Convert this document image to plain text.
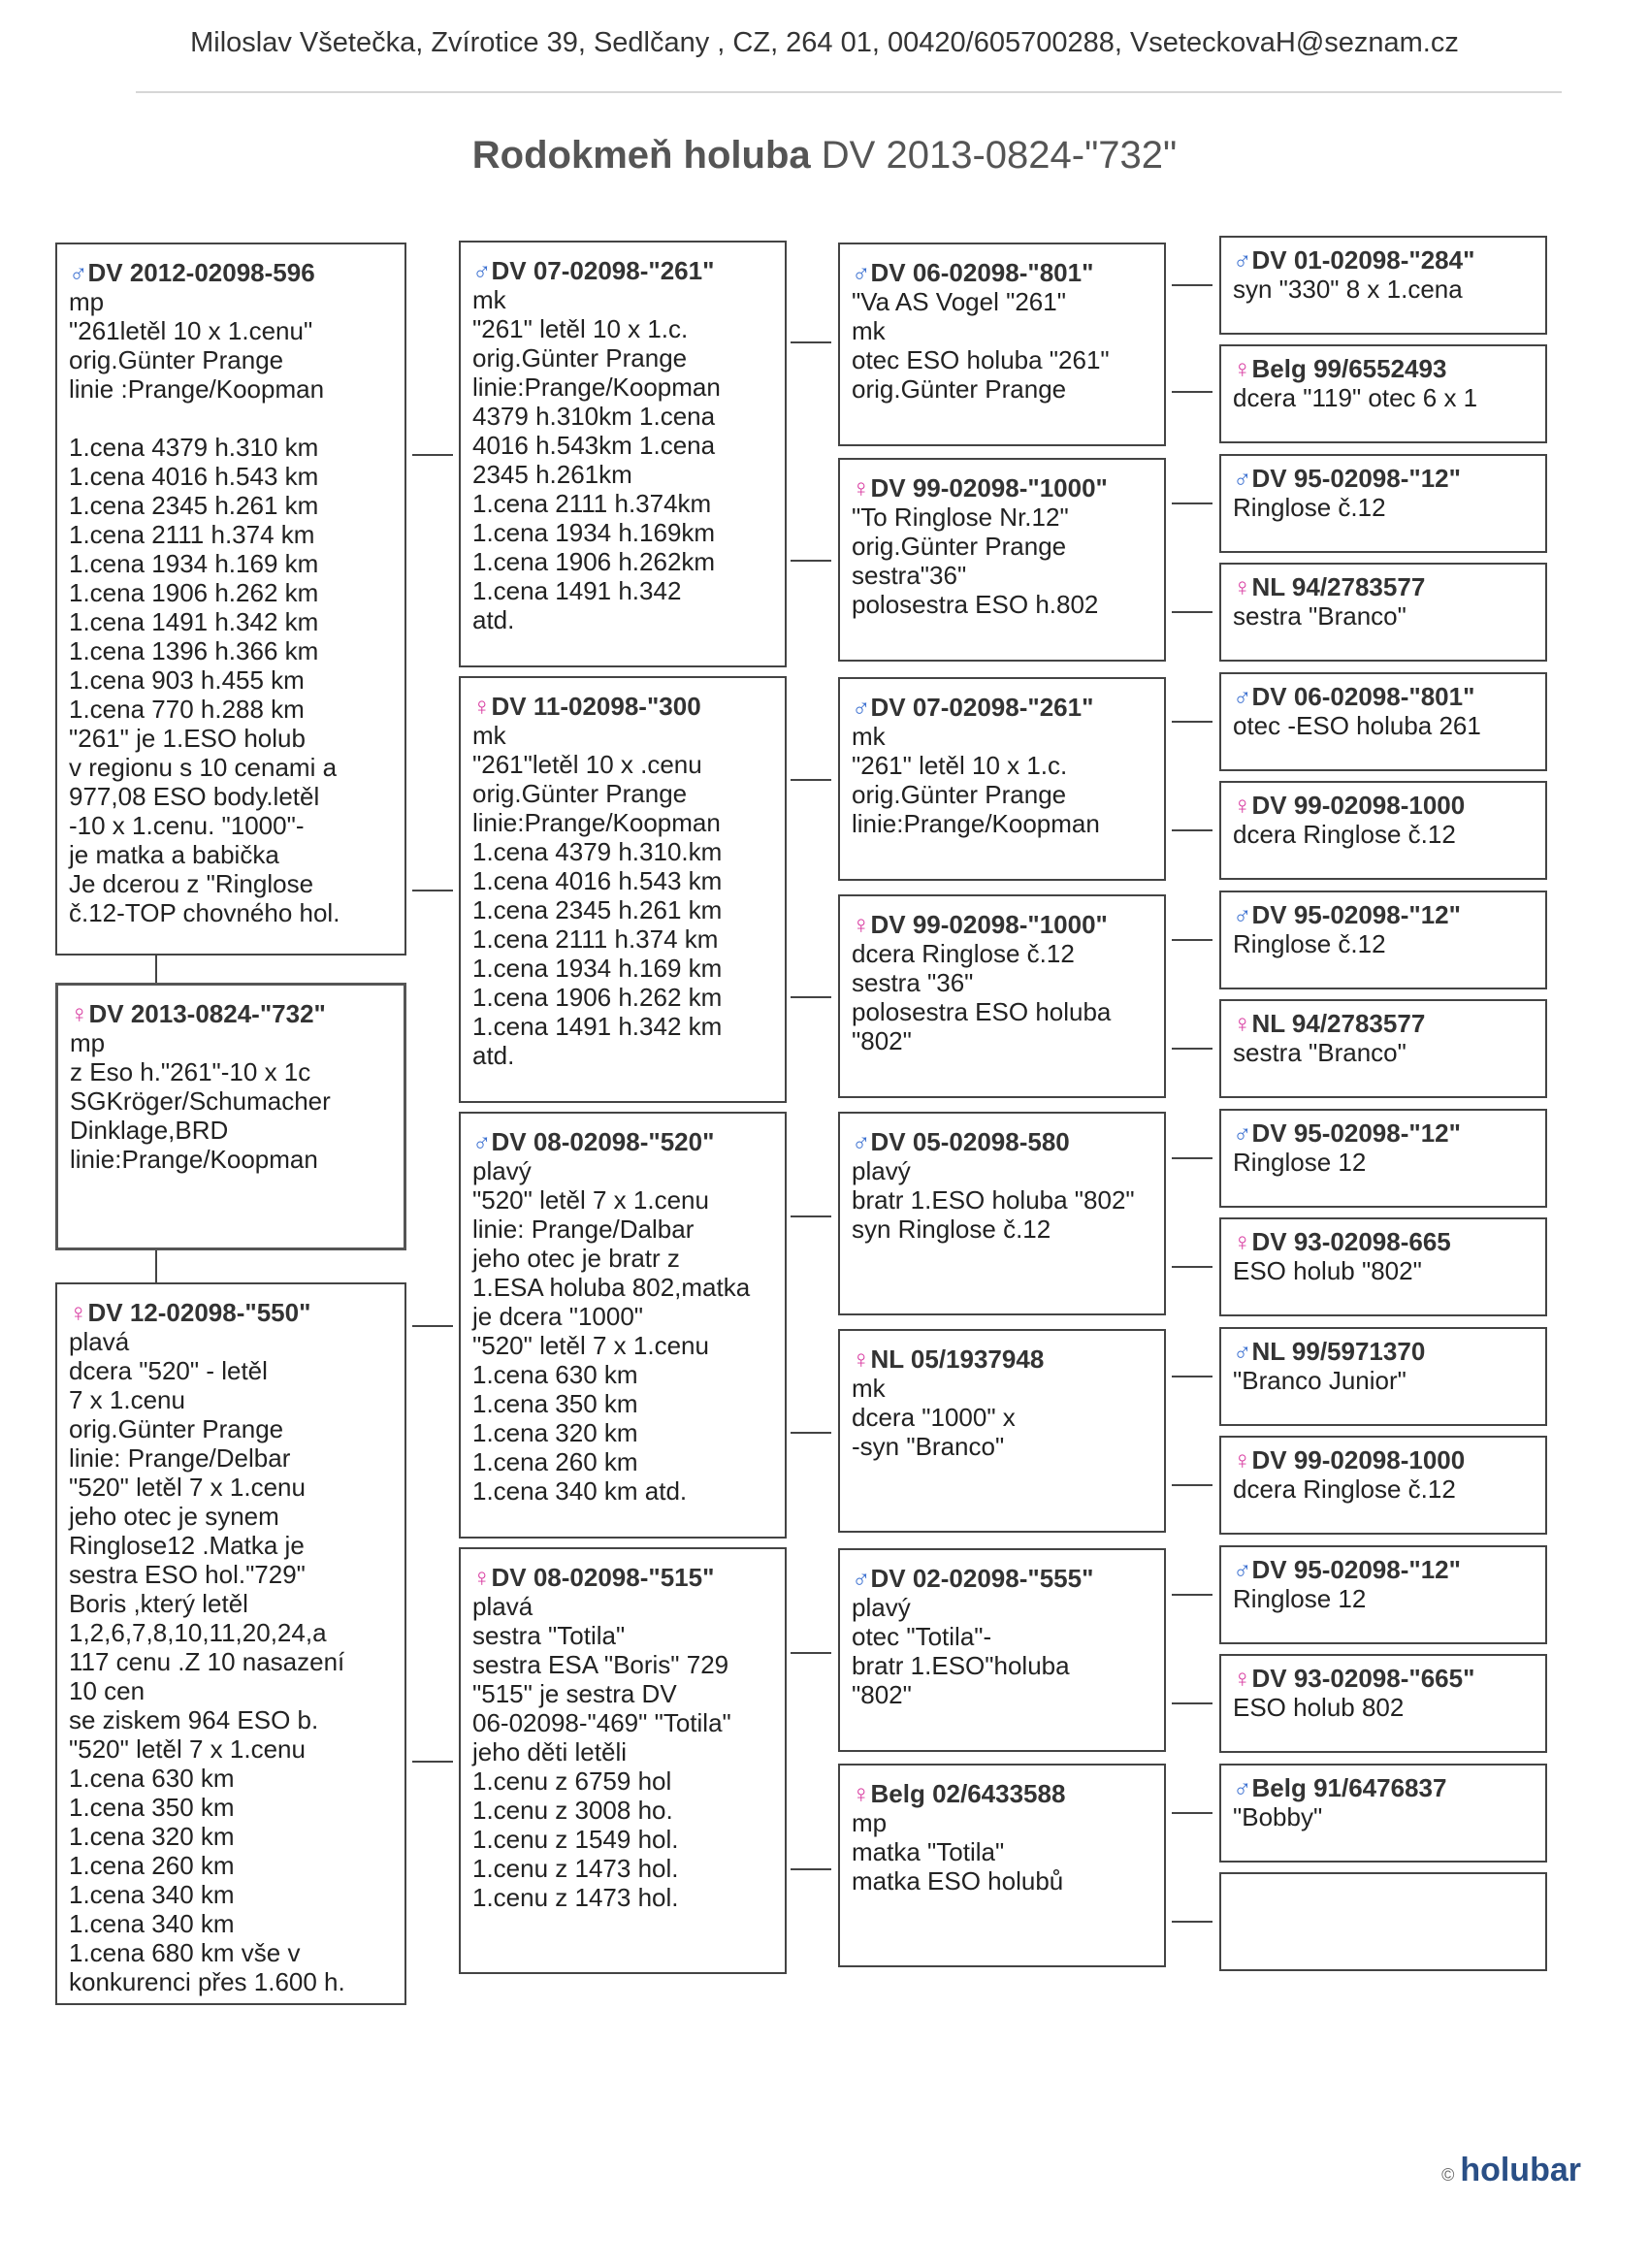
Miloslav Všetečka, Zvírotice 39, Sedlčany , CZ, 264 01, 00420/605700288, VseteckovaH@seznam.cz
Rodokmeň holuba DV 2013-0824-"732"
♂DV 2012-02098-596
mp
"261letěl 10 x 1.cenu"
orig.Günter Prange
linie :Prange/Koopman

1.cena 4379 h.310 km
1.cena 4016 h.543 km
1.cena 2345 h.261 km
1.cena 2111 h.374 km
1.cena 1934 h.169 km
1.cena 1906 h.262 km
1.cena 1491 h.342 km
1.cena 1396 h.366 km
1.cena 903 h.455 km
1.cena 770 h.288 km
"261" je 1.ESO holub
v regionu s 10 cenami a
977,08 ESO body.letěl
-10 x 1.cenu. "1000"-
je matka a babička
Je dcerou z "Ringlose
č.12-TOP chovného hol.
♀DV 2013-0824-"732"
mp
z Eso h."261"-10 x 1c
SGKröger/Schumacher
Dinklage,BRD
linie:Prange/Koopman
♀DV 12-02098-"550"
plavá
dcera "520" - letěl
7 x 1.cenu
orig.Günter Prange
linie: Prange/Delbar
"520" letěl 7 x 1.cenu
jeho otec je synem
Ringlose12 .Matka je
sestra ESO hol."729"
Boris ,který letěl
1,2,6,7,8,10,11,20,24,a
117 cenu .Z 10 nasazení
10 cen
se ziskem 964 ESO b.
"520" letěl 7 x 1.cenu
1.cena 630 km
1.cena 350 km
1.cena 320 km
1.cena 260 km
1.cena 340 km
1.cena 340 km
1.cena 680 km vše v
konkurenci přes 1.600 h.
♂DV 07-02098-"261"
mk
"261" letěl 10 x 1.c.
orig.Günter Prange
linie:Prange/Koopman
4379 h.310km 1.cena
4016 h.543km 1.cena
2345 h.261km
1.cena 2111 h.374km
1.cena 1934 h.169km
1.cena 1906 h.262km
1.cena 1491 h.342
atd.
♀DV 11-02098-"300
mk
"261"letěl 10 x .cenu
orig.Günter Prange
linie:Prange/Koopman
1.cena 4379 h.310.km
1.cena 4016 h.543 km
1.cena 2345 h.261 km
1.cena 2111 h.374 km
1.cena 1934 h.169 km
1.cena 1906 h.262 km
1.cena 1491 h.342 km
atd.
♂DV 08-02098-"520"
plavý
"520" letěl 7 x 1.cenu
linie: Prange/Dalbar
jeho otec je bratr z
1.ESA holuba 802,matka
je dcera "1000"
"520" letěl 7 x 1.cenu
1.cena 630 km
1.cena 350 km
1.cena 320 km
1.cena 260 km
1.cena 340 km atd.
♀DV 08-02098-"515"
plavá
sestra "Totila"
sestra ESA "Boris" 729
"515" je sestra DV
06-02098-"469" "Totila"
jeho děti letěli
1.cenu z 6759 hol
1.cenu z 3008 ho.
1.cenu z 1549 hol.
1.cenu z 1473 hol.
1.cenu z 1473 hol.
♂DV 06-02098-"801"
"Va AS Vogel "261"
mk
otec ESO holuba "261"
orig.Günter Prange
♀DV 99-02098-"1000"
"To Ringlose Nr.12"
orig.Günter Prange
sestra"36"
polosestra ESO h.802
♂DV 07-02098-"261"
mk
"261" letěl 10 x 1.c.
orig.Günter Prange
linie:Prange/Koopman
♀DV 99-02098-"1000"
dcera Ringlose č.12
sestra "36"
polosestra ESO holuba
"802"
♂DV 05-02098-580
plavý
bratr 1.ESO holuba "802"
syn Ringlose č.12
♀NL 05/1937948
mk
dcera "1000" x
-syn "Branco"
♂DV 02-02098-"555"
plavý
otec "Totila"-
bratr 1.ESO"holuba
"802"
♀Belg 02/6433588
mp
matka "Totila"
matka ESO holubů
♂DV 01-02098-"284"
syn "330" 8 x 1.cena
♀Belg 99/6552493
dcera "119" otec 6 x 1
♂DV 95-02098-"12"
Ringlose č.12
♀NL 94/2783577
sestra "Branco"
♂DV 06-02098-"801"
otec -ESO holuba 261
♀DV 99-02098-1000
dcera Ringlose č.12
♂DV 95-02098-"12"
Ringlose č.12
♀NL 94/2783577
sestra "Branco"
♂DV 95-02098-"12"
Ringlose 12
♀DV 93-02098-665
ESO holub "802"
♂NL 99/5971370
"Branco Junior"
♀DV 99-02098-1000
dcera Ringlose č.12
♂DV 95-02098-"12"
Ringlose 12
♀DV 93-02098-"665"
ESO holub 802
♂Belg 91/6476837
"Bobby"
© holubar
